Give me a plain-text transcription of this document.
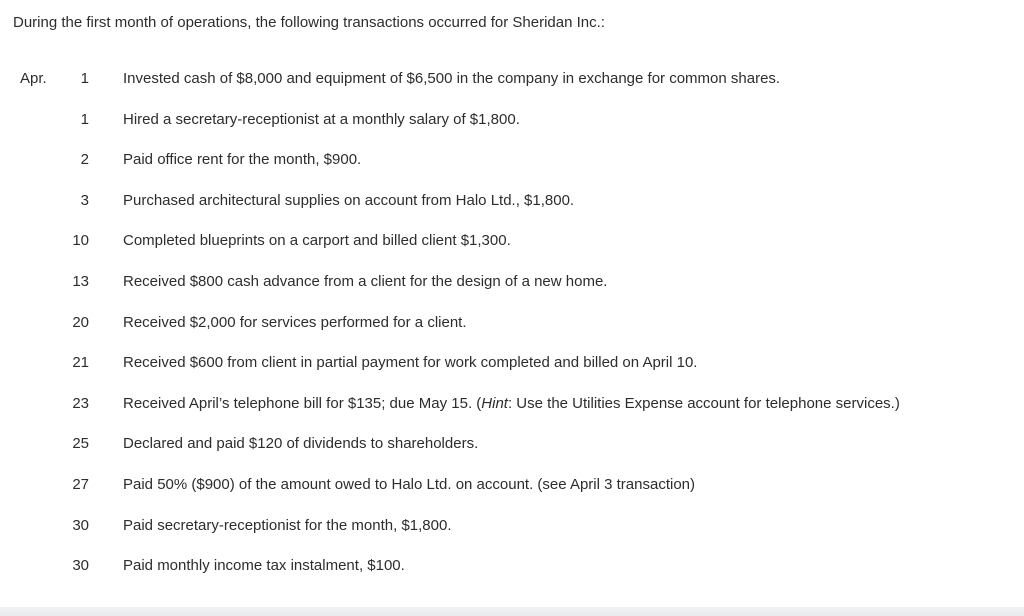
During the first month of operations, the following transactions occurred for Sheridan Inc.:
Apr.	1 Invested cash of $8,000 and equipment of $6,500 in the company in exchange for common shares.
1 Hired a secretary-receptionist at a monthly salary of $1,800.
2 Paid office rent for the month, $900.
3 Purchased architectural supplies on account from Halo Ltd., $1,800.
10 Completed blueprints on a carport and billed client $1,300.
13 Received $800 cash advance from a client for the design of a new home.
20 Received $2,000 for services performed for a client.
21 Received $600 from client in partial payment for work completed and billed on April 10.
23 Received April’s telephone bill for $135; due May 15. (Hint: Use the Utilities Expense account for telephone services.)
25 Declared and paid $120 of dividends to shareholders.
27 Paid 50% ($900) of the amount owed to Halo Ltd. on account. (see April 3 transaction)
30 Paid secretary-receptionist for the month, $1,800.
30 Paid monthly income tax instalment, $100.
